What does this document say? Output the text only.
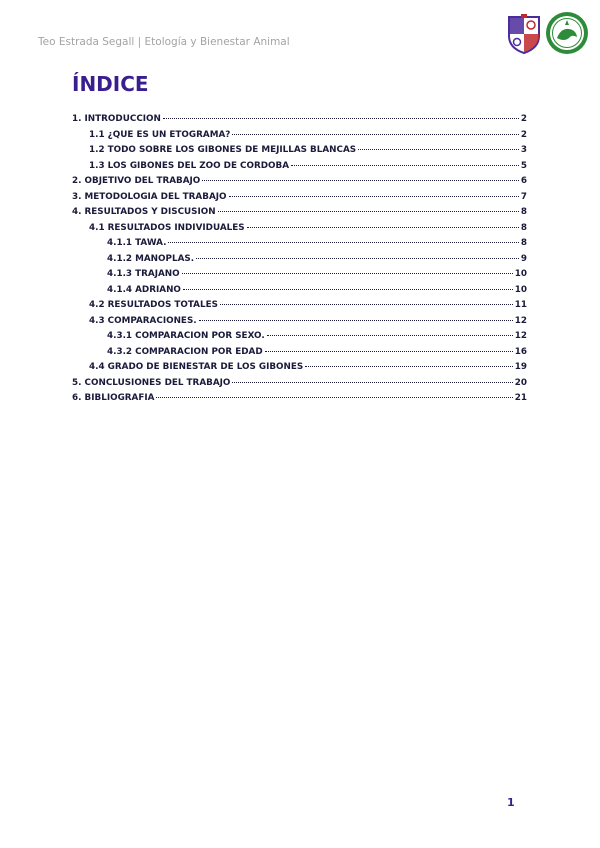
Teo Estrada Segall | Etología y Bienestar Animal
ÍNDICE
1. INTRODUCCIÓN	2
1.1 ¿QUÉ ES UN ETOGRAMA?	2
1.2 TODO SOBRE LOS GIBONES DE MEJILLAS BLANCAS	3
1.3 LOS GIBONES DEL ZOO DE CÓRDOBA	5
2. OBJETIVO DEL TRABAJO	6
3. METODOLOGÍA DEL TRABAJO	7
4. RESULTADOS Y DISCUSIÓN	8
4.1 RESULTADOS INDIVIDUALES	8
4.1.1 TAWA.	8
4.1.2 MANOPLAS.	9
4.1.3 TRAJANO	10
4.1.4 ADRIANO	10
4.2 RESULTADOS TOTALES	11
4.3 COMPARACIONES.	12
4.3.1 COMPARACIÓN POR SEXO.	12
4.3.2 COMPARACIÓN POR EDAD	16
4.4 GRADO DE BIENESTAR DE LOS GIBONES	19
5. CONCLUSIONES DEL TRABAJO	20
6. BIBLIOGRAFÍA	21
1
